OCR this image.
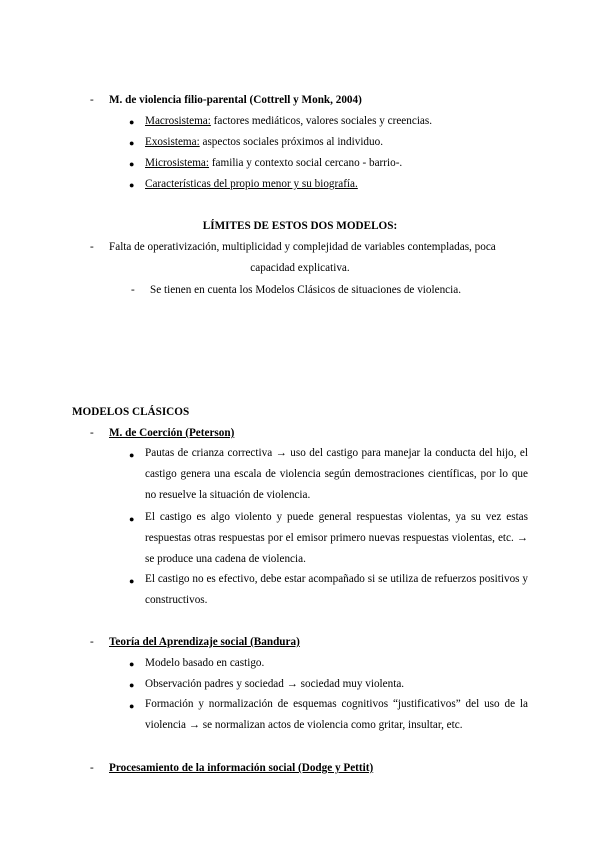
- M. de violencia filio-parental (Cottrell y Monk, 2004)
● Macrosistema: factores mediáticos, valores sociales y creencias.
● Exosistema: aspectos sociales próximos al individuo.
● Microsistema: familia y contexto social cercano - barrio-.
● Características del propio menor y su biografía.
LÍMITES DE ESTOS DOS MODELOS:
- Falta de operativización, multiplicidad y complejidad de variables contempladas, poca
capacidad explicativa.
- Se tienen en cuenta los Modelos Clásicos de situaciones de violencia.
MODELOS CLÁSICOS
- M. de Coerción (Peterson)
● Pautas de crianza correctiva → uso del castigo para manejar la conducta del hijo, el castigo genera una escala de violencia según demostraciones científicas, por lo que no resuelve la situación de violencia.
● El castigo es algo violento y puede general respuestas violentas, ya su vez estas respuestas otras respuestas por el emisor primero nuevas respuestas violentas, etc. → se produce una cadena de violencia.
● El castigo no es efectivo, debe estar acompañado si se utiliza de refuerzos positivos y constructivos.
- Teoría del Aprendizaje social (Bandura)
● Modelo basado en castigo.
● Observación padres y sociedad → sociedad muy violenta.
● Formación y normalización de esquemas cognitivos “justificativos” del uso de la violencia → se normalizan actos de violencia como gritar, insultar, etc.
- Procesamiento de la información social (Dodge y Pettit)
